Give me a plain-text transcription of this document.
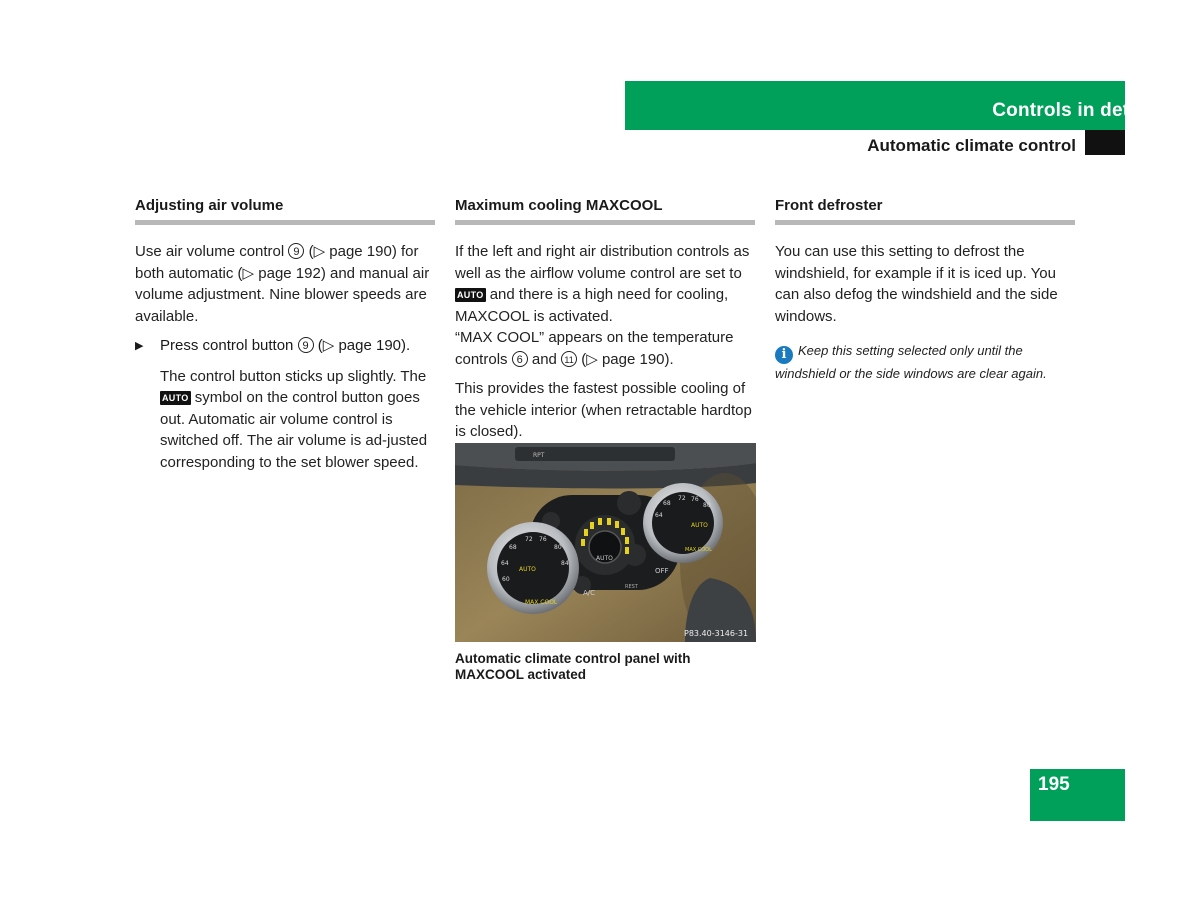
Controls in detail
Automatic climate control
Adjusting air volume

Use air volume control 9 (▷ page 190) for both automatic (▷ page 192) and manual air volume adjustment. Nine blower speeds are available.

▶	Press control button 9 (▷ page 190).

The control button sticks up slightly. The AUTO symbol on the control button goes out. Automatic air volume control is switched off. The air volume is ad-justed corresponding to the set blower speed.

Maximum cooling MAXCOOL

If the left and right air distribution controls as well as the airflow volume control are set to AUTO and there is a high need for cooling, MAXCOOL is activated.
“MAX COOL” appears on the temperature controls 6 and 11 (▷ page 190).

This provides the fastest possible cooling of the vehicle interior (when retractable hardtop is closed).

RPT
AUTO
A/C
REST
OFF
72 76
68	80
64	84
60
AUTO
MAX COOL
72 76
68	80
64
AUTO
MAX COOL
P83.40-3146-31
Automatic climate control panel with MAXCOOL activated
Front defroster

You can use this setting to defrost the windshield, for example if it is iced up. You can also defog the windshield and the side windows.

i Keep this setting selected only until the windshield or the side windows are clear again.
195
